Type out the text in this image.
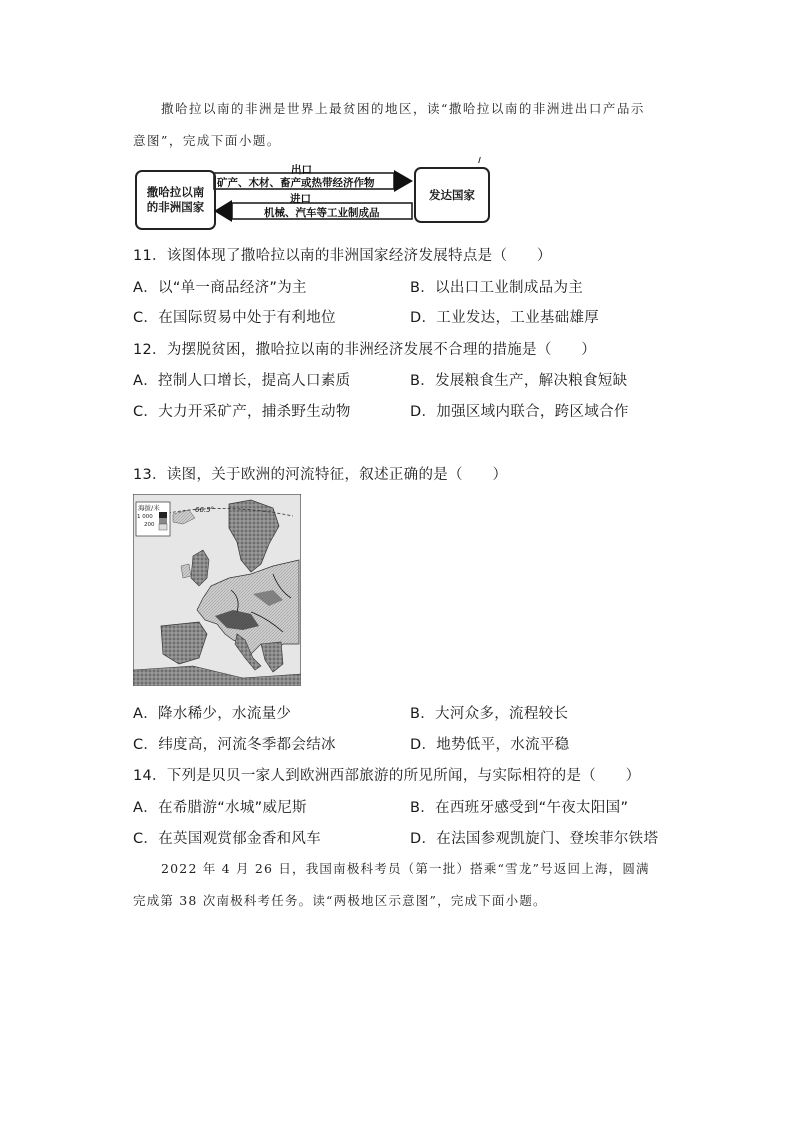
撒哈拉以南的非洲是世界上最贫困的地区，读“撒哈拉以南的非洲进出口产品示
意图”，完成下面小题。
撒哈拉以南
的非洲国家
发达国家
出口
矿产、木材、畜产或热带经济作物
进口
机械、汽车等工业制成品
11．该图体现了撒哈拉以南的非洲国家经济发展特点是（　　）
A．以“单一商品经济”为主	B．以出口工业制成品为主
C．在国际贸易中处于有利地位	D．工业发达，工业基础雄厚
12．为摆脱贫困，撒哈拉以南的非洲经济发展不合理的措施是（　　）
A．控制人口增长，提高人口素质	B．发展粮食生产，解决粮食短缺
C．大力开采矿产，捕杀野生动物	D．加强区域内联合，跨区域合作
13．读图，关于欧洲的河流特征，叙述正确的是（　　）
海拔/米
1 000
200
66.5°
A．降水稀少，水流量少	B．大河众多，流程较长
C．纬度高，河流冬季都会结冰	D．地势低平，水流平稳
14．下列是贝贝一家人到欧洲西部旅游的所见所闻，与实际相符的是（　　）
A．在希腊游“水城”威尼斯	B．在西班牙感受到“午夜太阳国”
C．在英国观赏郁金香和风车	D．在法国参观凯旋门、登埃菲尔铁塔
2022 年 4 月 26 日，我国南极科考员（第一批）搭乘“雪龙”号返回上海，圆满
完成第 38 次南极科考任务。读“两极地区示意图”，完成下面小题。
